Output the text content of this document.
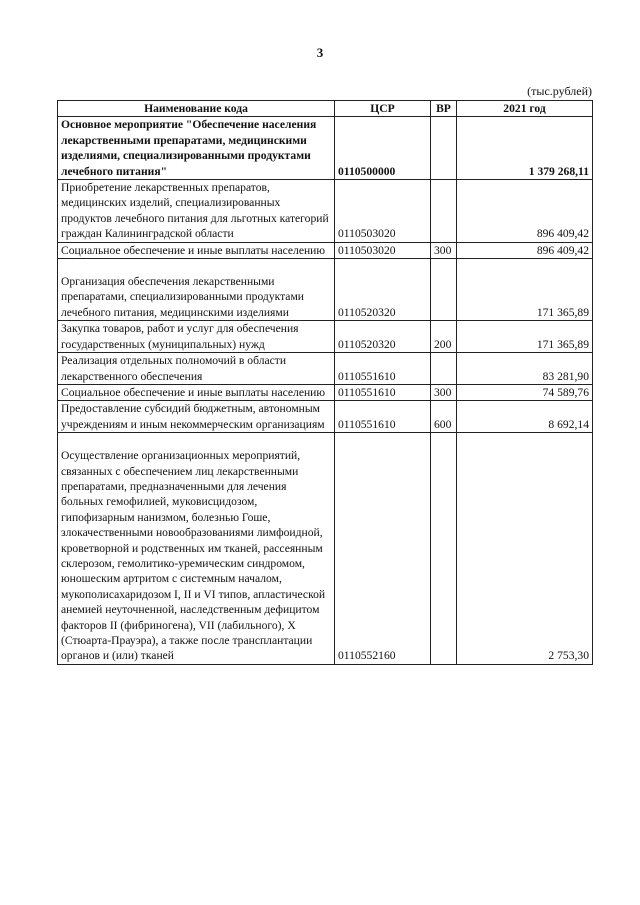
3
(тыс.рублей)
Наименование кода	ЦСР	ВР	2021 год
Основное мероприятие "Обеспечение населения лекарственными препаратами, медицинскими изделиями, специализированными продуктами лечебного питания"	0110500000		1 379 268,11
Приобретение лекарственных препаратов, медицинских изделий, специализированных продуктов лечебного питания для льготных категорий граждан Калининградской области	0110503020		896 409,42
Социальное обеспечение и иные выплаты населению	0110503020	300	896 409,42

Организация обеспечения лекарственными препаратами, специализированными продуктами лечебного питания, медицинскими изделиями	0110520320		171 365,89
Закупка товаров, работ и услуг для обеспечения государственных (муниципальных) нужд	0110520320	200	171 365,89
Реализация отдельных полномочий в области лекарственного обеспечения	0110551610		83 281,90
Социальное обеспечение и иные выплаты населению	0110551610	300	74 589,76
Предоставление субсидий бюджетным, автономным учреждениям и иным некоммерческим организациям	0110551610	600	8 692,14

Осуществление организационных мероприятий, связанных с обеспечением лиц лекарственными препаратами, предназначенными для лечения больных гемофилией, муковисцидозом, гипофизарным нанизмом, болезнью Гоше, злокачественными новообразованиями лимфоидной, кроветворной и родственных им тканей, рассеянным склерозом, гемолитико-уремическим синдромом, юношеским артритом с системным началом, мукополисахаридозом I, II и VI типов, апластической анемией неуточненной, наследственным дефицитом факторов II (фибриногена), VII (лабильного), X (Стюарта-Прауэра), а также после трансплантации органов и (или) тканей	0110552160		2 753,30
